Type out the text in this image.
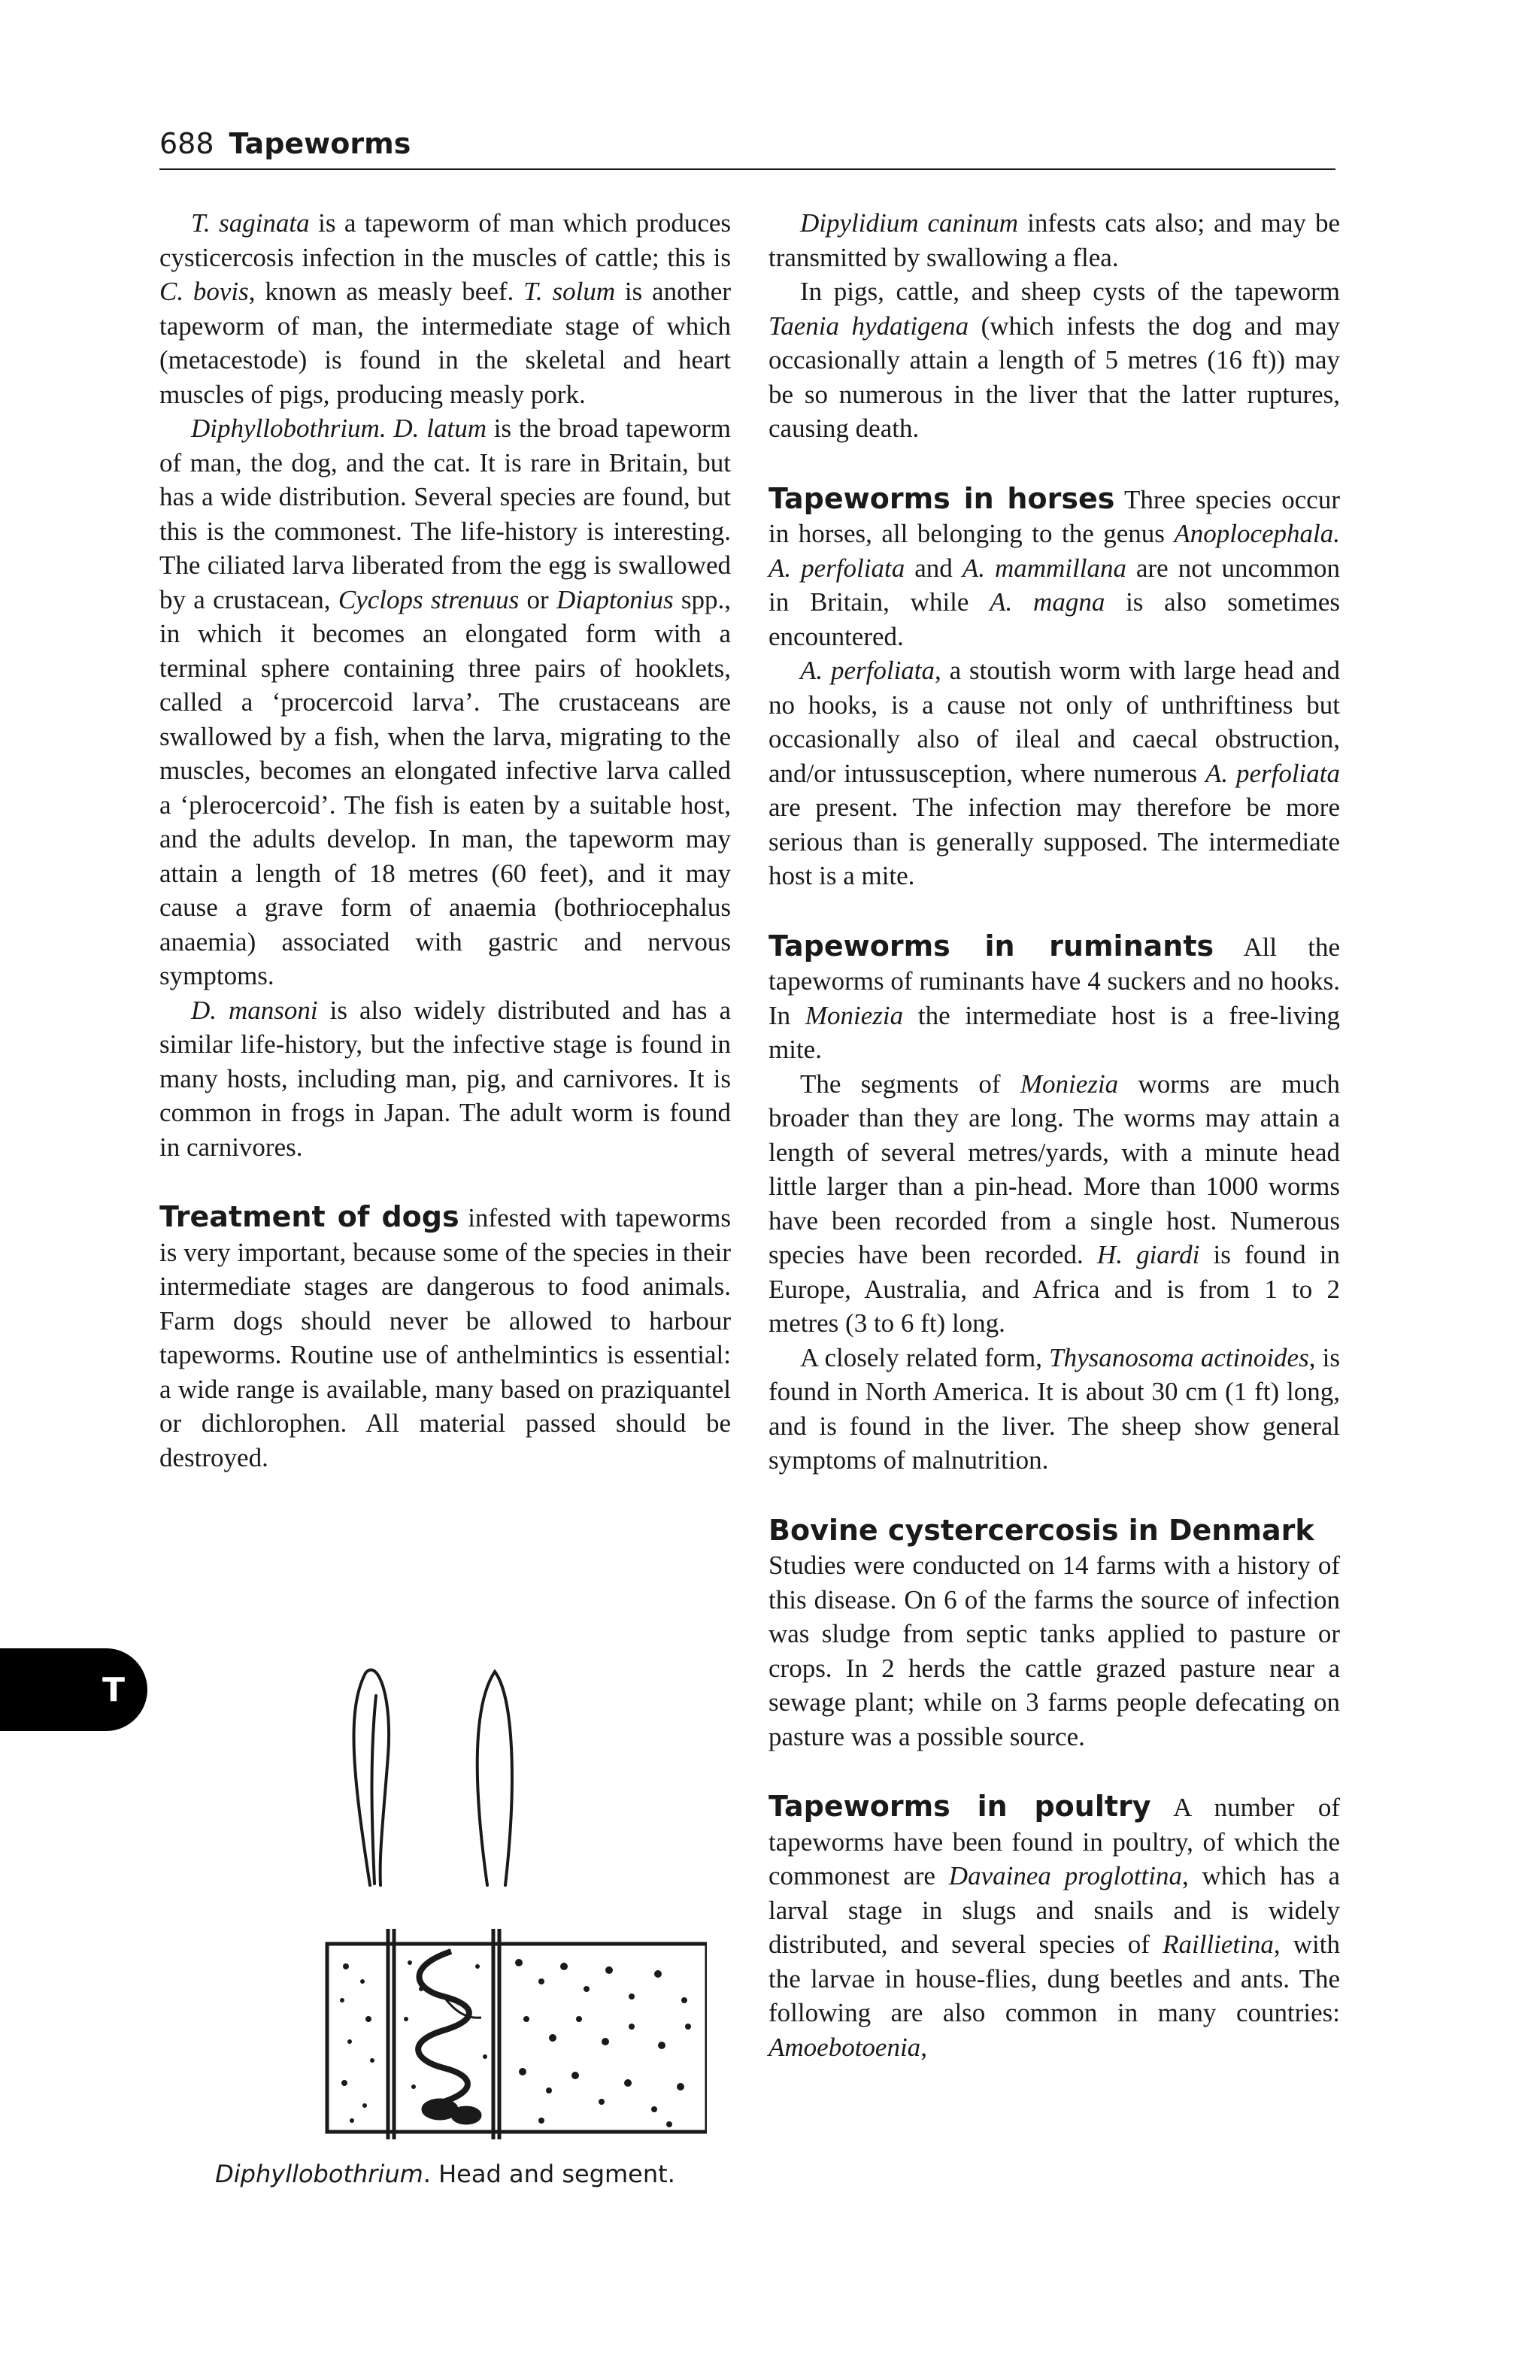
688 Tapeworms

T. saginata is a tapeworm of man which produces cysticercosis infection in the muscles of cattle; this is C. bovis, known as measly beef. T. solum is another tapeworm of man, the intermediate stage of which (metacestode) is found in the skeletal and heart muscles of pigs, producing measly pork.

Diphyllobothrium. D. latum is the broad tapeworm of man, the dog, and the cat. It is rare in Britain, but has a wide distribution. Several species are found, but this is the commonest. The life-history is interesting. The ciliated larva liberated from the egg is swallowed by a crustacean, Cyclops strenuus or Diaptonius spp., in which it becomes an elongated form with a terminal sphere containing three pairs of hooklets, called a ‘procercoid larva’. The crustaceans are swallowed by a fish, when the larva, migrating to the muscles, becomes an elongated infective larva called a ‘plerocercoid’. The fish is eaten by a suitable host, and the adults develop. In man, the tapeworm may attain a length of 18 metres (60 feet), and it may cause a grave form of anaemia (bothriocephalus anaemia) associated with gastric and nervous symptoms.

D. mansoni is also widely distributed and has a similar life-history, but the infective stage is found in many hosts, including man, pig, and carnivores. It is common in frogs in Japan. The adult worm is found in carnivores.

Treatment of dogs infested with tapeworms is very important, because some of the species in their intermediate stages are dangerous to food animals. Farm dogs should never be allowed to harbour tapeworms. Routine use of anthelmintics is essential: a wide range is available, many based on praziquantel or dichlorophen. All material passed should be destroyed.

T
Diphyllobothrium. Head and segment.

Dipylidium caninum infests cats also; and may be transmitted by swallowing a flea.

In pigs, cattle, and sheep cysts of the tapeworm Taenia hydatigena (which infests the dog and may occasionally attain a length of 5 metres (16 ft)) may be so numerous in the liver that the latter ruptures, causing death.

Tapeworms in horses Three species occur in horses, all belonging to the genus Anoplocephala. A. perfoliata and A. mammillana are not uncommon in Britain, while A. magna is also sometimes encountered.

A. perfoliata, a stoutish worm with large head and no hooks, is a cause not only of unthriftiness but occasionally also of ileal and caecal obstruction, and/or intussusception, where numerous A. perfoliata are present. The infection may therefore be more serious than is generally supposed. The intermediate host is a mite.

Tapeworms in ruminants All the tapeworms of ruminants have 4 suckers and no hooks. In Moniezia the intermediate host is a free-living mite.

The segments of Moniezia worms are much broader than they are long. The worms may attain a length of several metres/yards, with a minute head little larger than a pin-head. More than 1000 worms have been recorded from a single host. Numerous species have been recorded. H. giardi is found in Europe, Australia, and Africa and is from 1 to 2 metres (3 to 6 ft) long.

A closely related form, Thysanosoma actinoides, is found in North America. It is about 30 cm (1 ft) long, and is found in the liver. The sheep show general symptoms of malnutrition.

Bovine cystercercosis in Denmark
Studies were conducted on 14 farms with a history of this disease. On 6 of the farms the source of infection was sludge from septic tanks applied to pasture or crops. In 2 herds the cattle grazed pasture near a sewage plant; while on 3 farms people defecating on pasture was a possible source.

Tapeworms in poultry A number of tapeworms have been found in poultry, of which the commonest are Davainea proglottina, which has a larval stage in slugs and snails and is widely distributed, and several species of Raillietina, with the larvae in house-flies, dung beetles and ants. The following are also common in many countries: Amoebotoenia,
